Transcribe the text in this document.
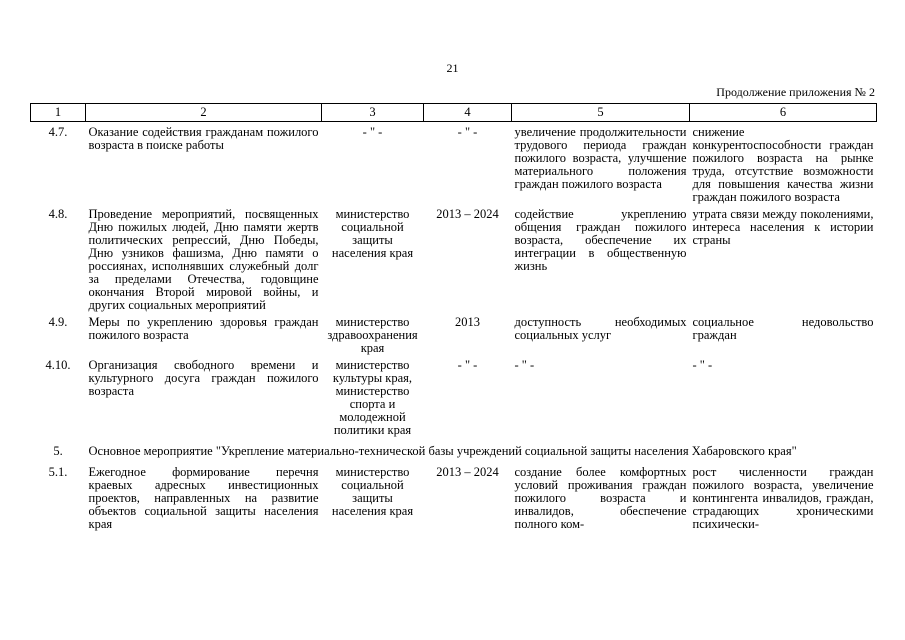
21
Продолжение приложения № 2
1	2	3	4	5	6

4.7.	Оказание содействия гражданам пожилого возраста в поиске работы	- " -	- " -	увеличение продолжительности трудового периода граждан пожилого возраста, улучшение материального положения граждан пожилого возраста	снижение конкурентоспособности граждан пожилого возраста на рынке труда, отсутствие возможности для повышения качества жизни граждан пожилого возраста

4.8.	Проведение мероприятий, посвященных Дню пожилых людей, Дню памяти жертв политических репрессий, Дню Победы, Дню узников фашизма, Дню памяти о россиянах, исполнявших служебный долг за пределами Отечества, годовщине окончания Второй мировой войны, и других социальных мероприятий	министерство социальной защиты населения края	2013 – 2024	содействие укреплению общения граждан пожилого возраста, обеспечение их интеграции в общественную жизнь	утрата связи между поколениями, интереса населения к истории страны

4.9.	Меры по укреплению здоровья граждан пожилого возраста	министерство здравоохранения края	2013	доступность необходимых социальных услуг	социальное недовольство граждан

4.10.	Организация свободного времени и культурного досуга граждан пожилого возраста	министерство культуры края, министерство спорта и молодежной политики края	- " -	- " -	- " -

5.	Основное мероприятие "Укрепление материально-технической базы учреждений социальной защиты населения Хабаровского края"				

5.1.	Ежегодное формирование перечня краевых адресных инвестиционных проектов, направленных на развитие объектов социальной защиты населения края	министерство социальной защиты населения края	2013 – 2024	создание более комфортных условий проживания граждан пожилого возраста и инвалидов, обеспечение полного ком-	рост численности граждан пожилого возраста, увеличение контингента инвалидов, граждан, страдающих хроническими психически-
